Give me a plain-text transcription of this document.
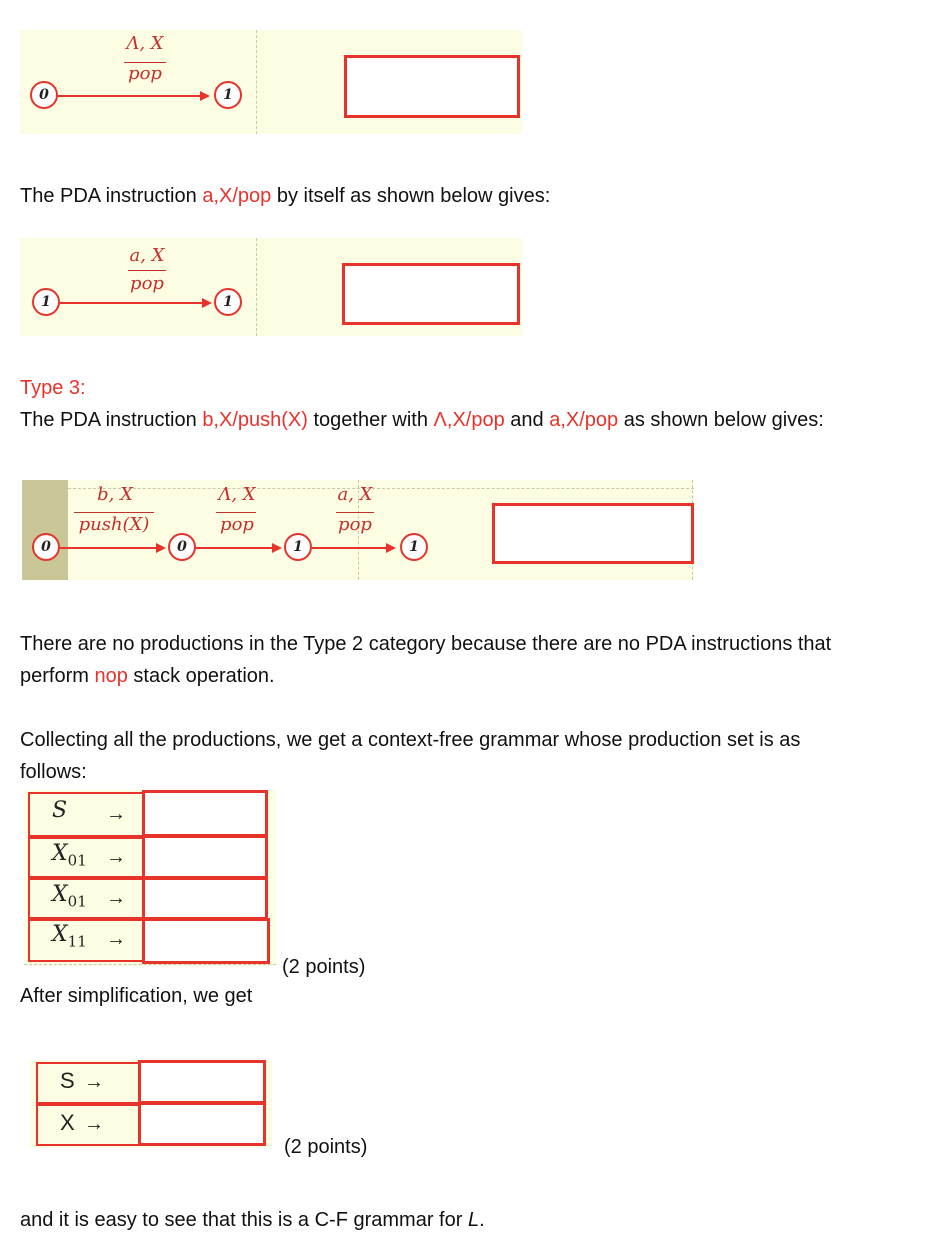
Λ, X
pop
0	1
The PDA instruction a,X/pop by itself as shown below gives:
a, X
pop
1	1
Type 3:
The PDA instruction b,X/push(X) together with Λ,X/pop and a,X/pop as shown below gives:
b, X
push(X)
Λ, X
pop
a, X
pop
0	0	1	1
There are no productions in the Type 2 category because there are no PDA instructions that
perform nop stack operation.
Collecting all the productions, we get a context-free grammar whose production set is as
follows:
S →
$X_{01}$ →
$X_{01}$ →
$X_{11}$ →
(2 points)
After simplification, we get
S →
X →
(2 points)
and it is easy to see that this is a C-F grammar for L.
